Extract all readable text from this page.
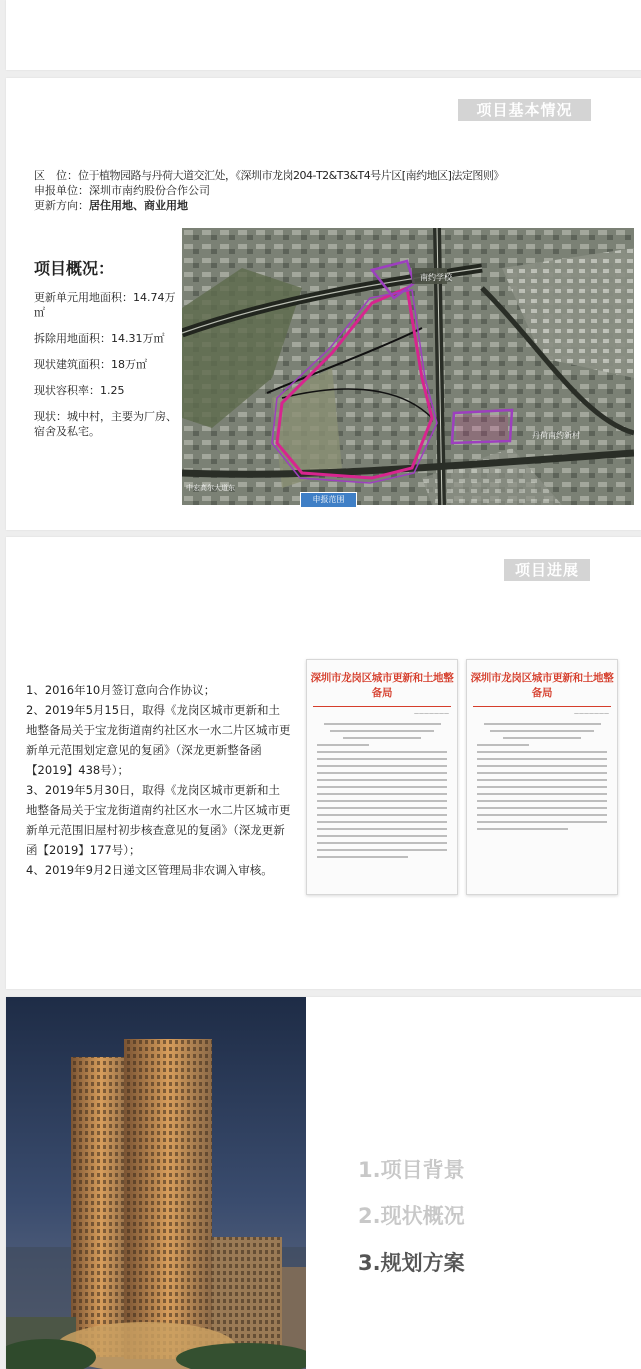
项目基本情况
区　位：位于植物园路与丹荷大道交汇处，《深圳市龙岗204-T2&T3&T4号片区[南约地区]法定图则》
申报单位：深圳市南约股份合作公司
更新方向：居住用地、商业用地
项目概况：

更新单元用地面积：14.74万㎡

拆除用地面积：14.31万㎡

现状建筑面积：18万㎡

现状容积率：1.25

现状：城中村，主要为厂房、宿舍及私宅。

南约学校
丹荷南约新村
中宏高尔大道东
申报范围
项目进展

1、2016年10月签订意向合作协议；

2、2019年5月15日，取得《龙岗区城市更新和土地整备局关于宝龙街道南约社区水一水二片区城市更新单元范围划定意见的复函》（深龙更新整备函【2019】438号）；

3、2019年5月30日，取得《龙岗区城市更新和土地整备局关于宝龙街道南约社区水一水二片区城市更新单元范围旧屋村初步核查意见的复函》（深龙更新函【2019】177号）；

4、2019年9月2日递文区管理局非农调入审核。

深圳市龙岗区城市更新和土地整备局
———————
深圳市龙岗区城市更新和土地整备局
———————
1.项目背景
2.现状概况
3.规划方案
